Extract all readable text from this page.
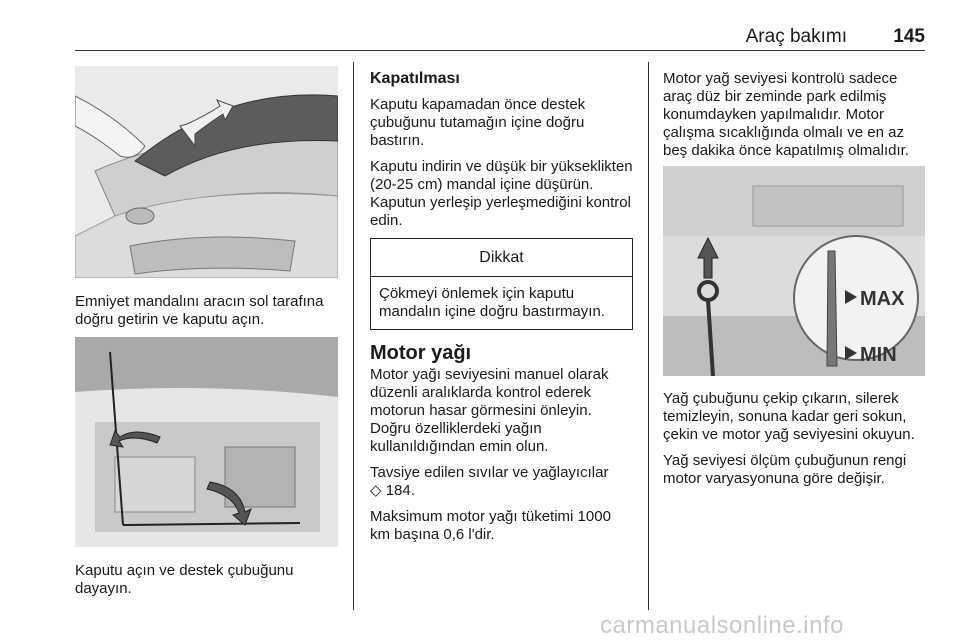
Araç bakımı 145

Emniyet mandalını aracın sol tarafına doğru getirin ve kaputu açın.

Kaputu açın ve destek çubuğunu dayayın.

Kapatılması

Kaputu kapamadan önce destek çubuğunu tutamağın içine doğru bastırın.

Kaputu indirin ve düşük bir yükseklikten (20-25 cm) mandal içine düşürün. Kaputun yerleşip yerleşmediğini kontrol edin.

Dikkat
Çökmeyi önlemek için kaputu mandalın içine doğru bastırmayın.
Motor yağı

Motor yağı seviyesini manuel olarak düzenli aralıklarda kontrol ederek motorun hasar görmesini önleyin. Doğru özelliklerdeki yağın kullanıldığından emin olun.

Tavsiye edilen sıvılar ve yağlayıcılar
◇ 184.

Maksimum motor yağı tüketimi 1000 km başına 0,6 l'dir.

Motor yağ seviyesi kontrolü sadece araç düz bir zeminde park edilmiş konumdayken yapılmalıdır. Motor çalışma sıcaklığında olmalı ve en az beş dakika önce kapatılmış olmalıdır.

MAX
MIN

Yağ çubuğunu çekip çıkarın, silerek temizleyin, sonuna kadar geri sokun, çekin ve motor yağ seviyesini okuyun.

Yağ seviyesi ölçüm çubuğunun rengi motor varyasyonuna göre değişir.

carmanualsonline.info
